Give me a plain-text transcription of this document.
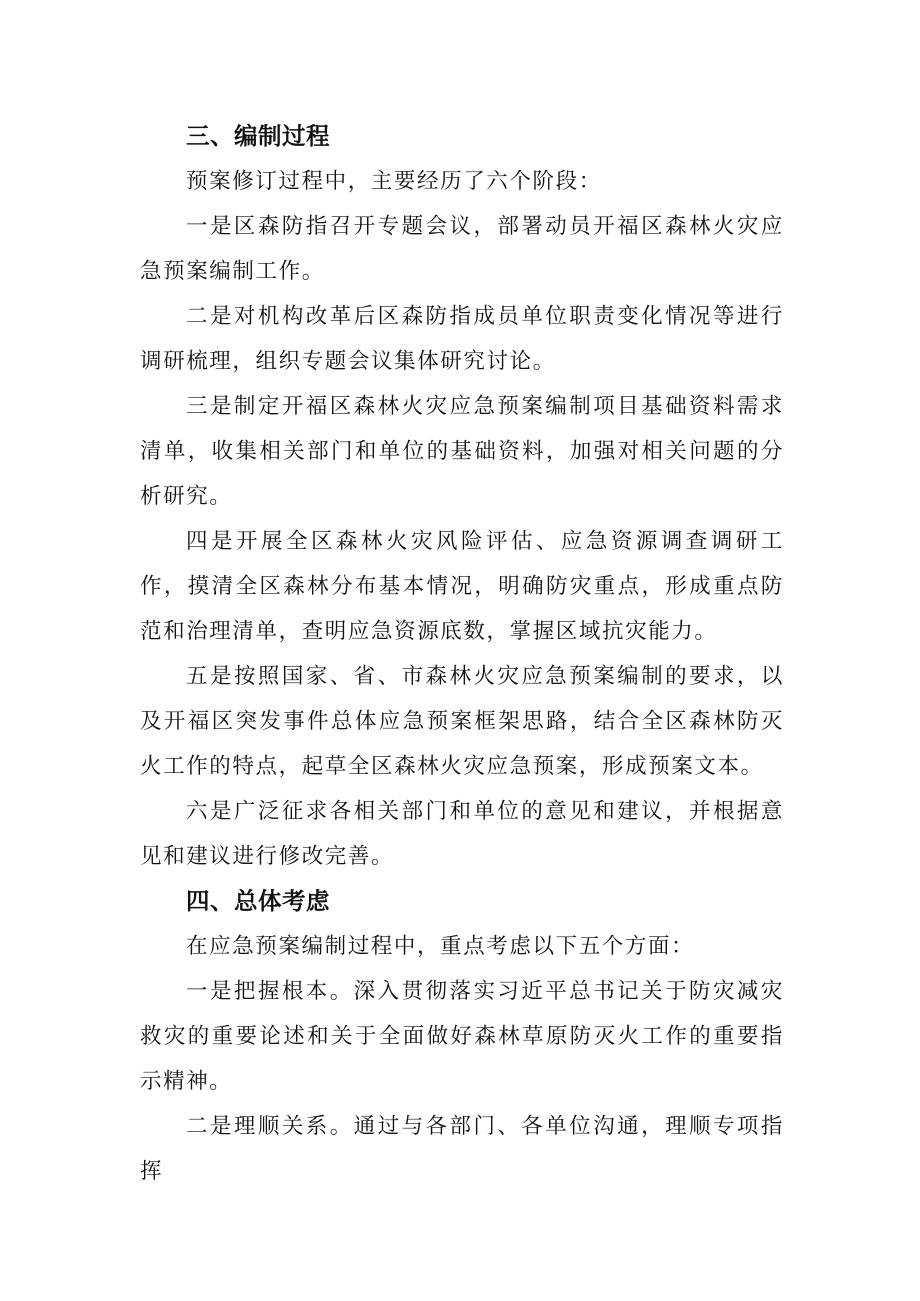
三、编制过程

预案修订过程中，主要经历了六个阶段：

一是区森防指召开专题会议，部署动员开福区森林火灾应急预案编制工作。

二是对机构改革后区森防指成员单位职责变化情况等进行调研梳理，组织专题会议集体研究讨论。

三是制定开福区森林火灾应急预案编制项目基础资料需求清单，收集相关部门和单位的基础资料，加强对相关问题的分析研究。

四是开展全区森林火灾风险评估、应急资源调查调研工作，摸清全区森林分布基本情况，明确防灾重点，形成重点防范和治理清单，查明应急资源底数，掌握区域抗灾能力。

五是按照国家、省、市森林火灾应急预案编制的要求，以及开福区突发事件总体应急预案框架思路，结合全区森林防灭火工作的特点，起草全区森林火灾应急预案，形成预案文本。

六是广泛征求各相关部门和单位的意见和建议，并根据意见和建议进行修改完善。

四、总体考虑

在应急预案编制过程中，重点考虑以下五个方面：

一是把握根本。深入贯彻落实习近平总书记关于防灾减灾救灾的重要论述和关于全面做好森林草原防灭火工作的重要指示精神。

二是理顺关系。通过与各部门、各单位沟通，理顺专项指挥
